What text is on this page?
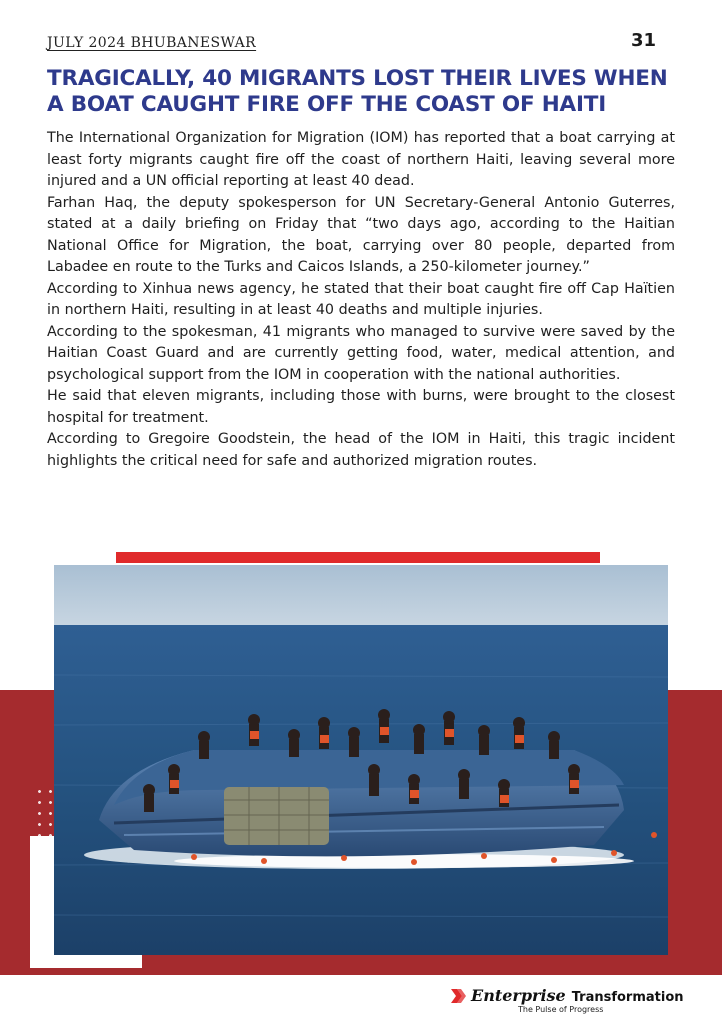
JULY 2024 BHUBANESWAR	31
TRAGICALLY, 40 MIGRANTS LOST THEIR LIVES WHEN A BOAT CAUGHT FIRE OFF THE COAST OF HAITI

The International Organization for Migration (IOM) has reported that a boat carrying at least forty migrants caught fire off the coast of northern Haiti, leaving several more injured and a UN official reporting at least 40 dead.

Farhan Haq, the deputy spokesperson for UN Secretary-General Antonio Guterres, stated at a daily briefing on Friday that “two days ago, according to the Haitian National Office for Migration, the boat, carrying over 80 people, departed from Labadee en route to the Turks and Caicos Islands, a 250-kilometer journey.”

According to Xinhua news agency, he stated that their boat caught fire off Cap Haïtien in northern Haiti, resulting in at least 40 deaths and multiple injuries.

According to the spokesman, 41 migrants who managed to survive were saved by the Haitian Coast Guard and are currently getting food, water, medical attention, and psychological support from the IOM in cooperation with the national authorities.

He said that eleven migrants, including those with burns, were brought to the closest hospital for treatment.

According to Gregoire Goodstein, the head of the IOM in Haiti, this tragic incident highlights the critical need for safe and authorized migration routes.

Enterprise Transformation
The Pulse of Progress
